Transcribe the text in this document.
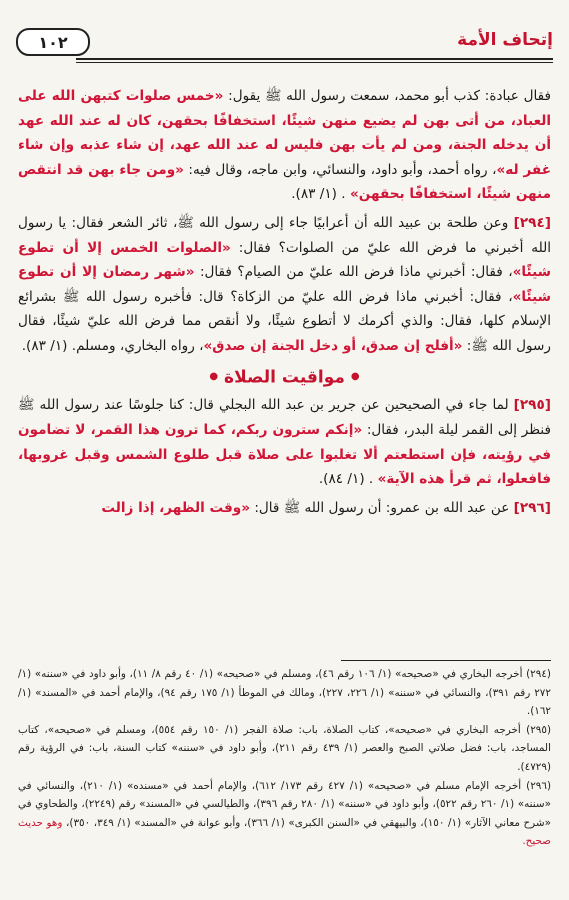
إتحاف الأمة
١٠٢

فقال عبادة: كذب أبو محمد، سمعت رسول الله ﷺ يقول: «خمس صلوات كتبهن الله على العباد، من أتى بهن لم يضيع منهن شيئًا، استخفافًا بحقهن، كان له عند الله عهد أن يدخله الجنة، ومن لم يأت بهن فليس له عند الله عهد، إن شاء عذبه وإن شاء غفر له»، رواه أحمد، وأبو داود، والنسائي، وابن ماجه، وقال فيه: «ومن جاء بهن قد انتقص منهن شيئًا، استخفافًا بحقهن» . (١/ ٨٣).

[٢٩٤] وعن طلحة بن عبيد الله أن أعرابيًا جاء إلى رسول الله ﷺ، ثائر الشعر فقال: يا رسول الله أخبرني ما فرض الله عليّ من الصلوات؟ فقال: «الصلوات الخمس إلا أن تطوع شيئًا»، فقال: أخبرني ماذا فرض الله عليّ من الصيام؟ فقال: «شهر رمضان إلا أن تطوع شيئًا»، فقال: أخبرني ماذا فرض الله عليّ من الزكاة؟ قال: فأخبره رسول الله ﷺ بشرائع الإسلام كلها، فقال: والذي أكرمك لا أتطوع شيئًا، ولا أنقص مما فرض الله عليّ شيئًا، فقال رسول الله ﷺ: «أفلح إن صدق، أو دخل الجنة إن صدق»، رواه البخاري، ومسلم. (١/ ٨٣).

● مواقيت الصلاة ●

[٢٩٥] لما جاء في الصحيحين عن جرير بن عبد الله البجلي قال: كنا جلوسًا عند رسول الله ﷺ فنظر إلى القمر ليلة البدر، فقال: «إنكم سترون ربكم، كما ترون هذا القمر، لا تضامون في رؤيته، فإن استطعتم ألا تغلبوا على صلاة قبل طلوع الشمس وقبل غروبها، فافعلوا، ثم قرأ هذه الآية» . (١/ ٨٤).

[٢٩٦] عن عبد الله بن عمرو: أن رسول الله ﷺ قال: «وقت الظهر، إذا زالت

(٢٩٤) أخرجه البخاري في «صحيحه» (١/ ١٠٦ رقم ٤٦)، ومسلم في «صحيحه» (١/ ٤٠ رقم ٨/ ١١)، وأبو داود في «سننه» (١/ ٢٧٢ رقم ٣٩١)، والنسائي في «سننه» (١/ ٢٢٦، ٢٢٧)، ومالك في الموطأ (١/ ١٧٥ رقم ٩٤)، والإمام أحمد في «المسند» (١/ ١٦٢).

(٢٩٥) أخرجه البخاري في «صحيحه»، كتاب الصلاة، باب: صلاة الفجر (١/ ١٥٠ رقم ٥٥٤)، ومسلم في «صحيحه»، كتاب المساجد، باب: فضل صلاتي الصبح والعصر (١/ ٤٣٩ رقم ٢١١)، وأبو داود في «سننه» كتاب السنة، باب: في الرؤية رقم (٤٧٢٩).

(٢٩٦) أخرجه الإمام مسلم في «صحيحه» (١/ ٤٢٧ رقم ١٧٣/ ٦١٢)، والإمام أحمد في «مسنده» (١/ ٢١٠)، والنسائي في «سننه» (١/ ٢٦٠ رقم ٥٢٢)، وأبو داود في «سننه» (١/ ٢٨٠ رقم ٣٩٦)، والطيالسي في «المسند» رقم (٢٢٤٩)، والطحاوي في «شرح معاني الآثار» (١/ ١٥٠)، والبيهقي في «السنن الكبرى» (١/ ٣٦٦)، وأبو عوانة في «المسند» (١/ ٣٤٩، ٣٥٠)، وهو حديث صحيح.
